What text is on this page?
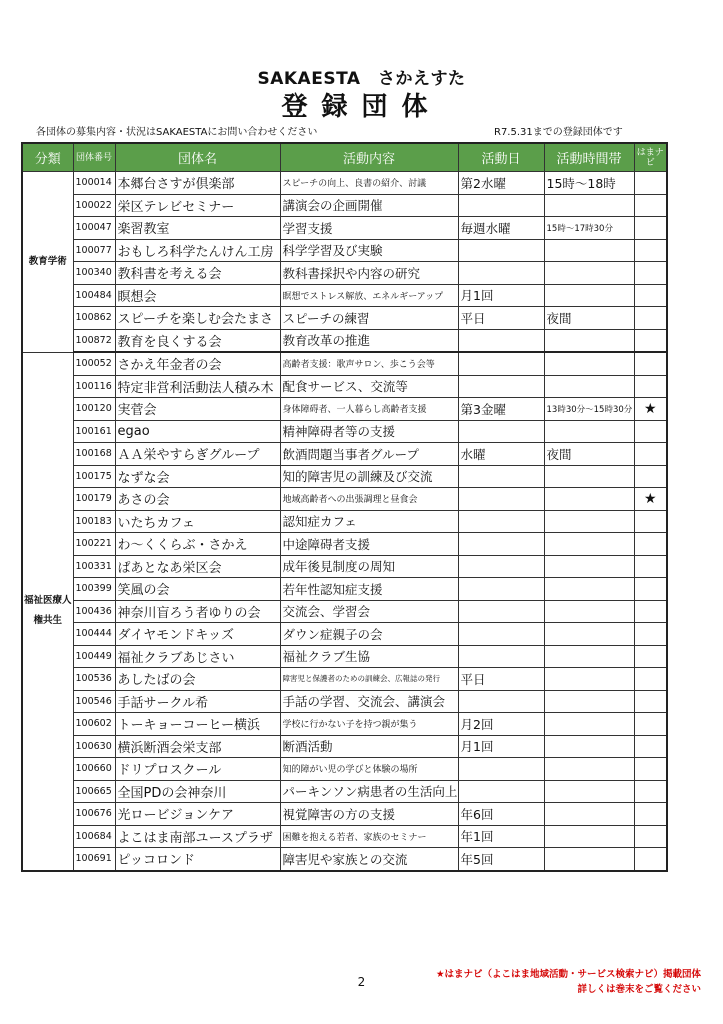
SAKAESTA　さかえすた
登録団体
各団体の募集内容・状況はSAKAESTAにお問い合わせください	R7.5.31までの登録団体です
分類	団体番号	団体名	活動内容	活動日	活動時間帯	はまナビ
教育学術	100014	本郷台さすが倶楽部	スピーチの向上、良書の紹介、討議	第2水曜	15時～18時	
	100022	栄区テレビセミナー	講演会の企画開催			
	100047	楽習教室	学習支援	毎週水曜	15時～17時30分	
	100077	おもしろ科学たんけん工房	科学学習及び実験			
	100340	教科書を考える会	教科書採択や内容の研究			
	100484	瞑想会	瞑想でストレス解放、エネルギーアップ	月1回		
	100862	スピーチを楽しむ会たまさ	スピーチの練習	平日	夜間	
	100872	教育を良くする会	教育改革の推進			
福祉医療人権共生	100052	さかえ年金者の会	高齢者支援：歌声サロン、歩こう会等			
	100116	特定非営利活動法人積み木	配食サービス、交流等			
	100120	実菅会	身体障碍者、一人暮らし高齢者支援	第3金曜	13時30分～15時30分	★
	100161	egao	精神障碍者等の支援			
	100168	ＡＡ栄やすらぎグループ	飲酒問題当事者グループ	水曜	夜間	
	100175	なずな会	知的障害児の訓練及び交流			
	100179	あさの会	地域高齢者への出張調理と昼食会			★
	100183	いたちカフェ	認知症カフェ			
	100221	わ～くくらぶ・さかえ	中途障碍者支援			
	100331	ぱあとなあ栄区会	成年後見制度の周知			
	100399	笑風の会	若年性認知症支援			
	100436	神奈川盲ろう者ゆりの会	交流会、学習会			
	100444	ダイヤモンドキッズ	ダウン症親子の会			
	100449	福祉クラブあじさい	福祉クラブ生協			
	100536	あしたばの会	障害児と保護者のための訓練会、広報誌の発行	平日		
	100546	手話サークル希	手話の学習、交流会、講演会			
	100602	トーキョーコーヒー横浜	学校に行かない子を持つ親が集う	月2回		
	100630	横浜断酒会栄支部	断酒活動	月1回		
	100660	ドリプロスクール	知的障がい児の学びと体験の場所			
	100665	全国PDの会神奈川	パーキンソン病患者の生活向上			
	100676	光ロービジョンケア	視覚障害の方の支援	年6回		
	100684	よこはま南部ユースプラザ	困難を抱える若者、家族のセミナー	年1回		
	100691	ピッコロンド	障害児や家族との交流	年5回		
2
★はまナビ（よこはま地域活動・サービス検索ナビ）掲載団体
詳しくは巻末をご覧ください
